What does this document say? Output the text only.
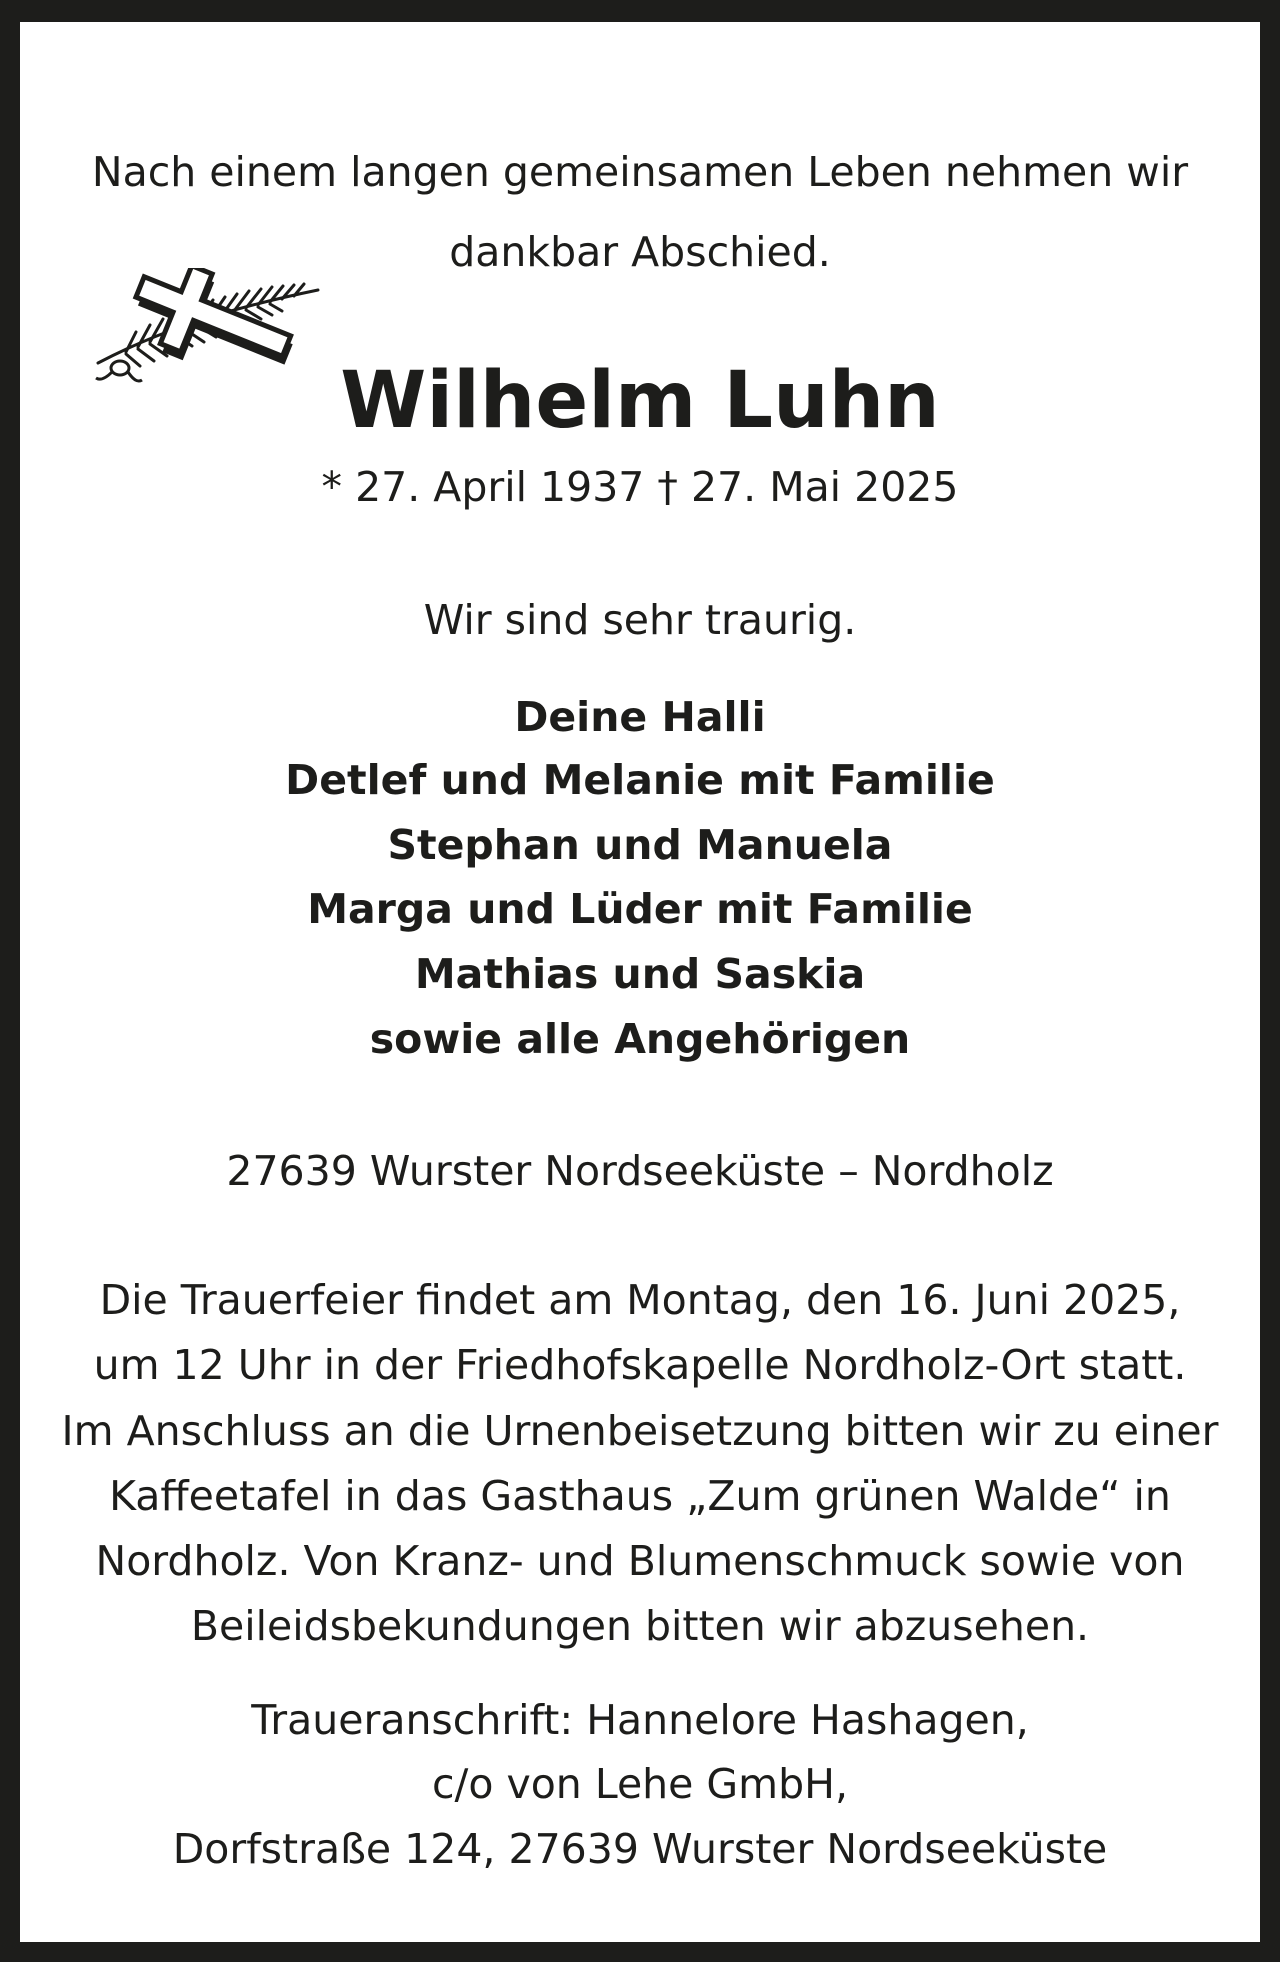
Nach einem langen gemeinsamen Leben nehmen wir
dankbar Abschied.
Wilhelm Luhn
* 27. April 1937 † 27. Mai 2025
Wir sind sehr traurig.
Deine Halli
Detlef und Melanie mit Familie
Stephan und Manuela
Marga und Lüder mit Familie
Mathias und Saskia
sowie alle Angehörigen
27639 Wurster Nordseeküste – Nordholz
Die Trauerfeier findet am Montag, den 16. Juni 2025,
um 12 Uhr in der Friedhofskapelle Nordholz-Ort statt.
Im Anschluss an die Urnenbeisetzung bitten wir zu einer
Kaffeetafel in das Gasthaus „Zum grünen Walde“ in
Nordholz. Von Kranz- und Blumenschmuck sowie von
Beileidsbekundungen bitten wir abzusehen.
Traueranschrift: Hannelore Hashagen,
c/o von Lehe GmbH,
Dorfstraße 124, 27639 Wurster Nordseeküste
